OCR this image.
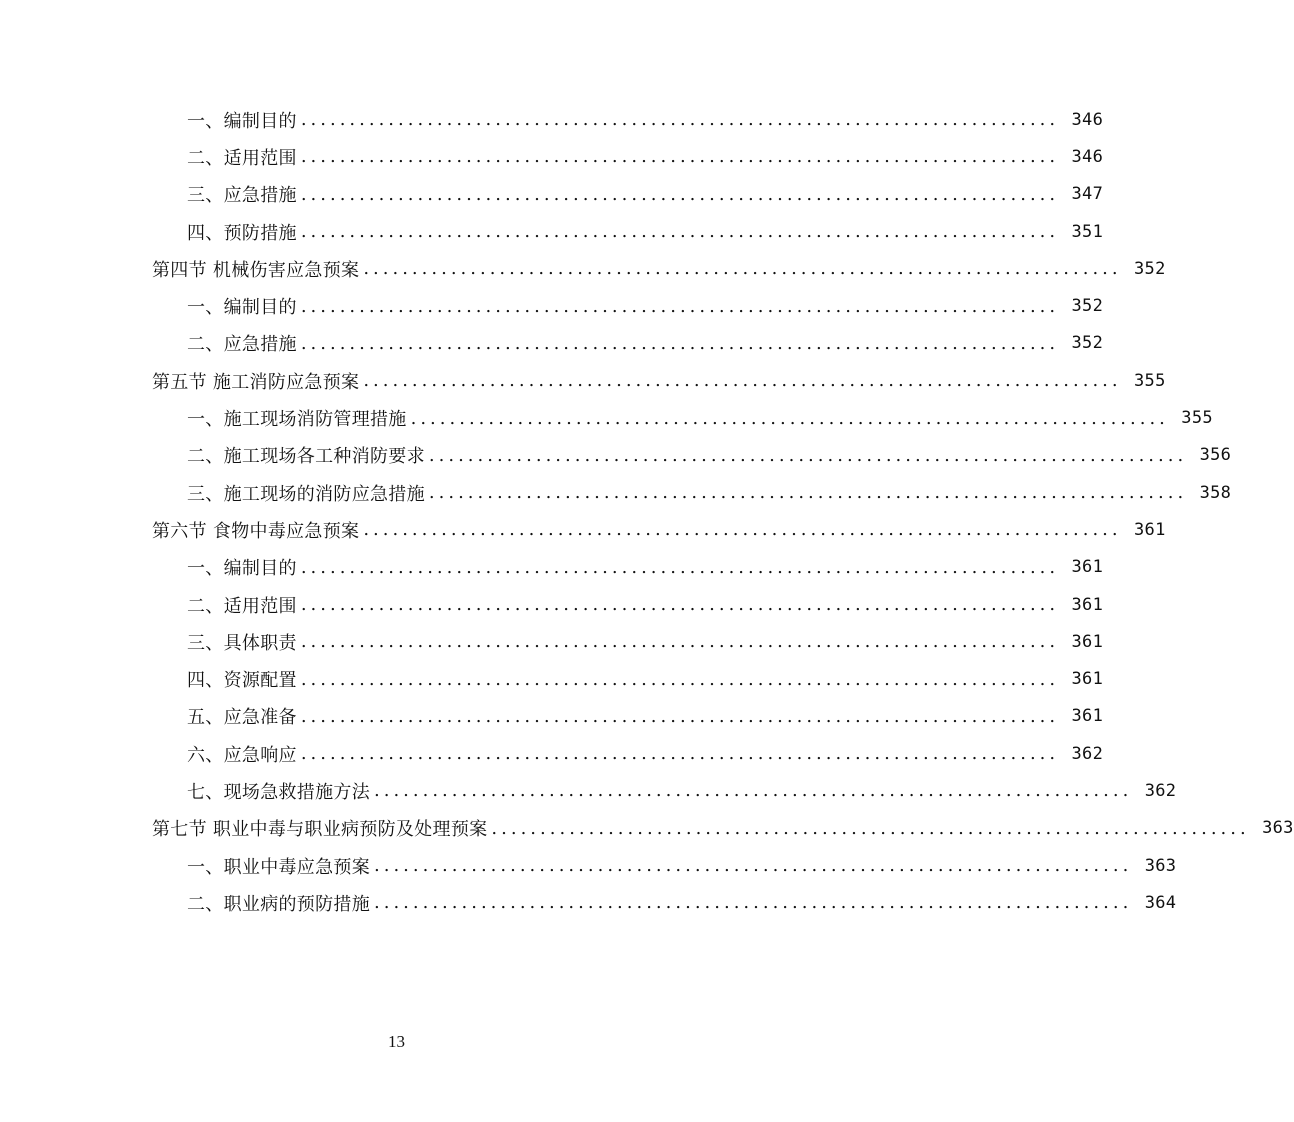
一、编制目的 .............................................................................. 346
二、适用范围 .............................................................................. 346
三、应急措施 .............................................................................. 347
四、预防措施 .............................................................................. 351
第四节 机械伤害应急预案 .............................................................................. 352
一、编制目的 .............................................................................. 352
二、应急措施 .............................................................................. 352
第五节 施工消防应急预案 .............................................................................. 355
一、施工现场消防管理措施 .............................................................................. 355
二、施工现场各工种消防要求 .............................................................................. 356
三、施工现场的消防应急措施 .............................................................................. 358
第六节 食物中毒应急预案 .............................................................................. 361
一、编制目的 .............................................................................. 361
二、适用范围 .............................................................................. 361
三、具体职责 .............................................................................. 361
四、资源配置 .............................................................................. 361
五、应急准备 .............................................................................. 361
六、应急响应 .............................................................................. 362
七、现场急救措施方法 .............................................................................. 362
第七节 职业中毒与职业病预防及处理预案 .............................................................................. 363
一、职业中毒应急预案 .............................................................................. 363
二、职业病的预防措施 .............................................................................. 364
13
